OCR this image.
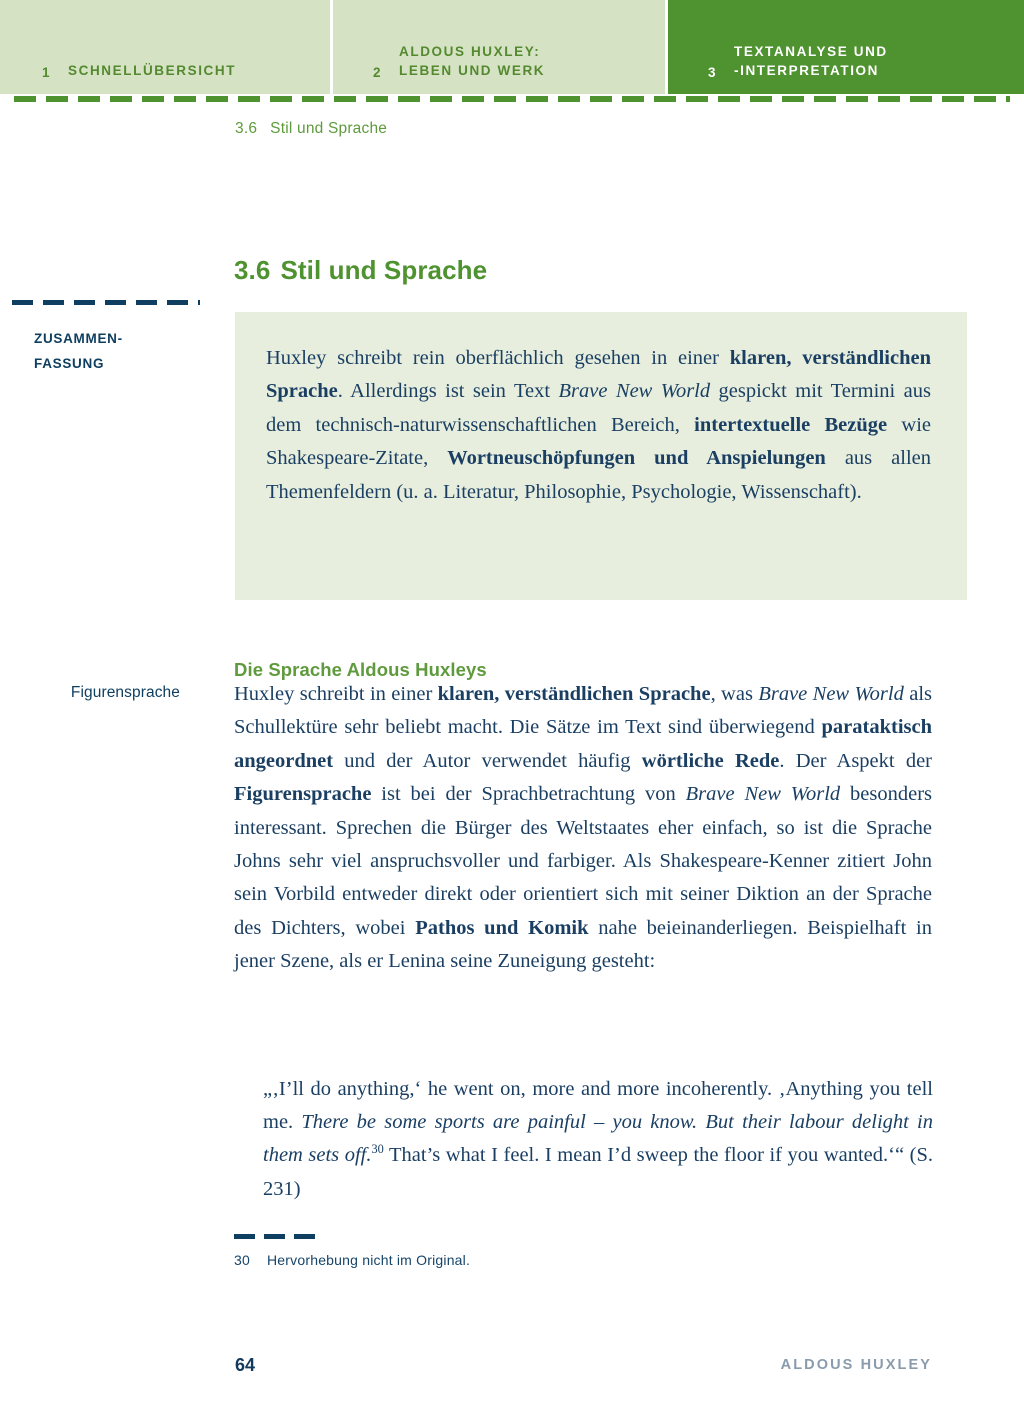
1	SCHNELLÜBERSICHT	2
ALDOUS HUXLEY:
LEBEN UND WERK	3
TEXTANALYSE UND
-INTERPRETATION
3.6 Stil und Sprache
3.6 Stil und Sprache
ZUSAMMEN-
FASSUNG	Huxley schreibt rein oberflächlich gesehen in einer klaren, verständlichen Sprache. Allerdings ist sein Text Brave New World gespickt mit Termini aus dem technisch-naturwissenschaftlichen Bereich, intertextuelle Bezüge wie Shakespeare-Zitate, Wortneuschöpfungen und Anspielungen aus allen Themenfeldern (u. a. Literatur, Philosophie, Psychologie, Wissenschaft).

Die Sprache Aldous Huxleys
Figurensprache	Huxley schreibt in einer klaren, verständlichen Sprache, was Brave New World als Schullektüre sehr beliebt macht. Die Sätze im Text sind überwiegend parataktisch angeordnet und der Autor verwendet häufig wörtliche Rede. Der Aspekt der Figurensprache ist bei der Sprachbetrachtung von Brave New World besonders interessant. Sprechen die Bürger des Weltstaates eher einfach, so ist die Sprache Johns sehr viel anspruchsvoller und farbiger. Als Shakespeare-Kenner zitiert John sein Vorbild entweder direkt oder orientiert sich mit seiner Diktion an der Sprache des Dichters, wobei Pathos und Komik nahe beieinanderliegen. Beispielhaft in jener Szene, als er Lenina seine Zuneigung gesteht:

„‚I’ll do anything,‘ he went on, more and more incoherently. ‚Anything you tell me. There be some sports are painful – you know. But their labour delight in them sets off.$^{30}$ That’s what I feel. I mean I’d sweep the floor if you wanted.‘“ (S. 231)
30 Hervorhebung nicht im Original.
64	ALDOUS HUXLEY
